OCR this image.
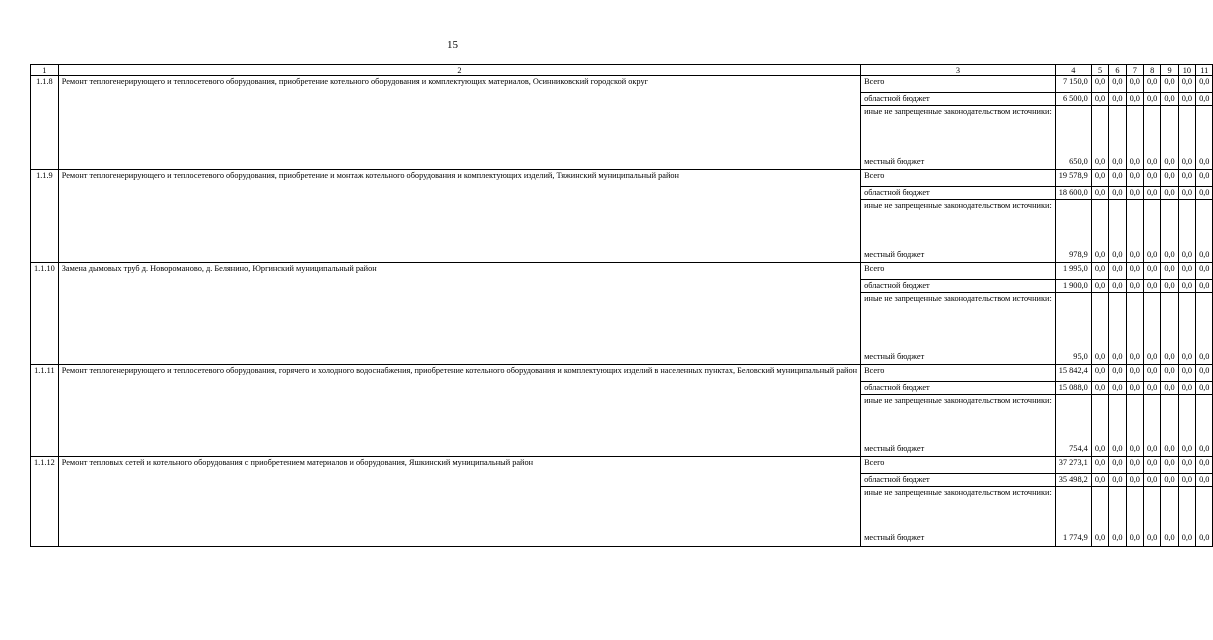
15
1	2	3	4	5	6	7	8	9	10	11
1.1.8	Ремонт теплогенерирующего и теплосетевого оборудования, приобретение котельного оборудования и комплектующих материалов, Осинниковский городской округ	Всего	7 150,0	0,0	0,0	0,0	0,0	0,0	0,0	0,0
		областной бюджет	6 500,0	0,0	0,0	0,0	0,0	0,0	0,0	0,0
		иные не запрещенные законодательством источники:								
		местный бюджет	650,0	0,0	0,0	0,0	0,0	0,0	0,0	0,0
1.1.9	Ремонт теплогенерирующего и теплосетевого оборудования, приобретение и монтаж котельного оборудования и комплектующих изделий, Тяжинский муниципальный район	Всего	19 578,9	0,0	0,0	0,0	0,0	0,0	0,0	0,0
		областной бюджет	18 600,0	0,0	0,0	0,0	0,0	0,0	0,0	0,0
		иные не запрещенные законодательством источники:								
		местный бюджет	978,9	0,0	0,0	0,0	0,0	0,0	0,0	0,0
1.1.10	Замена дымовых труб д. Новороманово, д. Белянино, Юргинский муниципальный район	Всего	1 995,0	0,0	0,0	0,0	0,0	0,0	0,0	0,0
		областной бюджет	1 900,0	0,0	0,0	0,0	0,0	0,0	0,0	0,0
		иные не запрещенные законодательством источники:								
		местный бюджет	95,0	0,0	0,0	0,0	0,0	0,0	0,0	0,0
1.1.11	Ремонт теплогенерирующего и теплосетевого оборудования, горячего и холодного водоснабжения, приобретение котельного оборудования и комплектующих изделий в населенных пунктах, Беловский муниципальный район	Всего	15 842,4	0,0	0,0	0,0	0,0	0,0	0,0	0,0
		областной бюджет	15 088,0	0,0	0,0	0,0	0,0	0,0	0,0	0,0
		иные не запрещенные законодательством источники:								
		местный бюджет	754,4	0,0	0,0	0,0	0,0	0,0	0,0	0,0
1.1.12	Ремонт тепловых сетей и котельного оборудования с приобретением материалов и оборудования, Яшкинский муниципальный район	Всего	37 273,1	0,0	0,0	0,0	0,0	0,0	0,0	0,0
		областной бюджет	35 498,2	0,0	0,0	0,0	0,0	0,0	0,0	0,0
		иные не запрещенные законодательством источники:								
		местный бюджет	1 774,9	0,0	0,0	0,0	0,0	0,0	0,0	0,0
